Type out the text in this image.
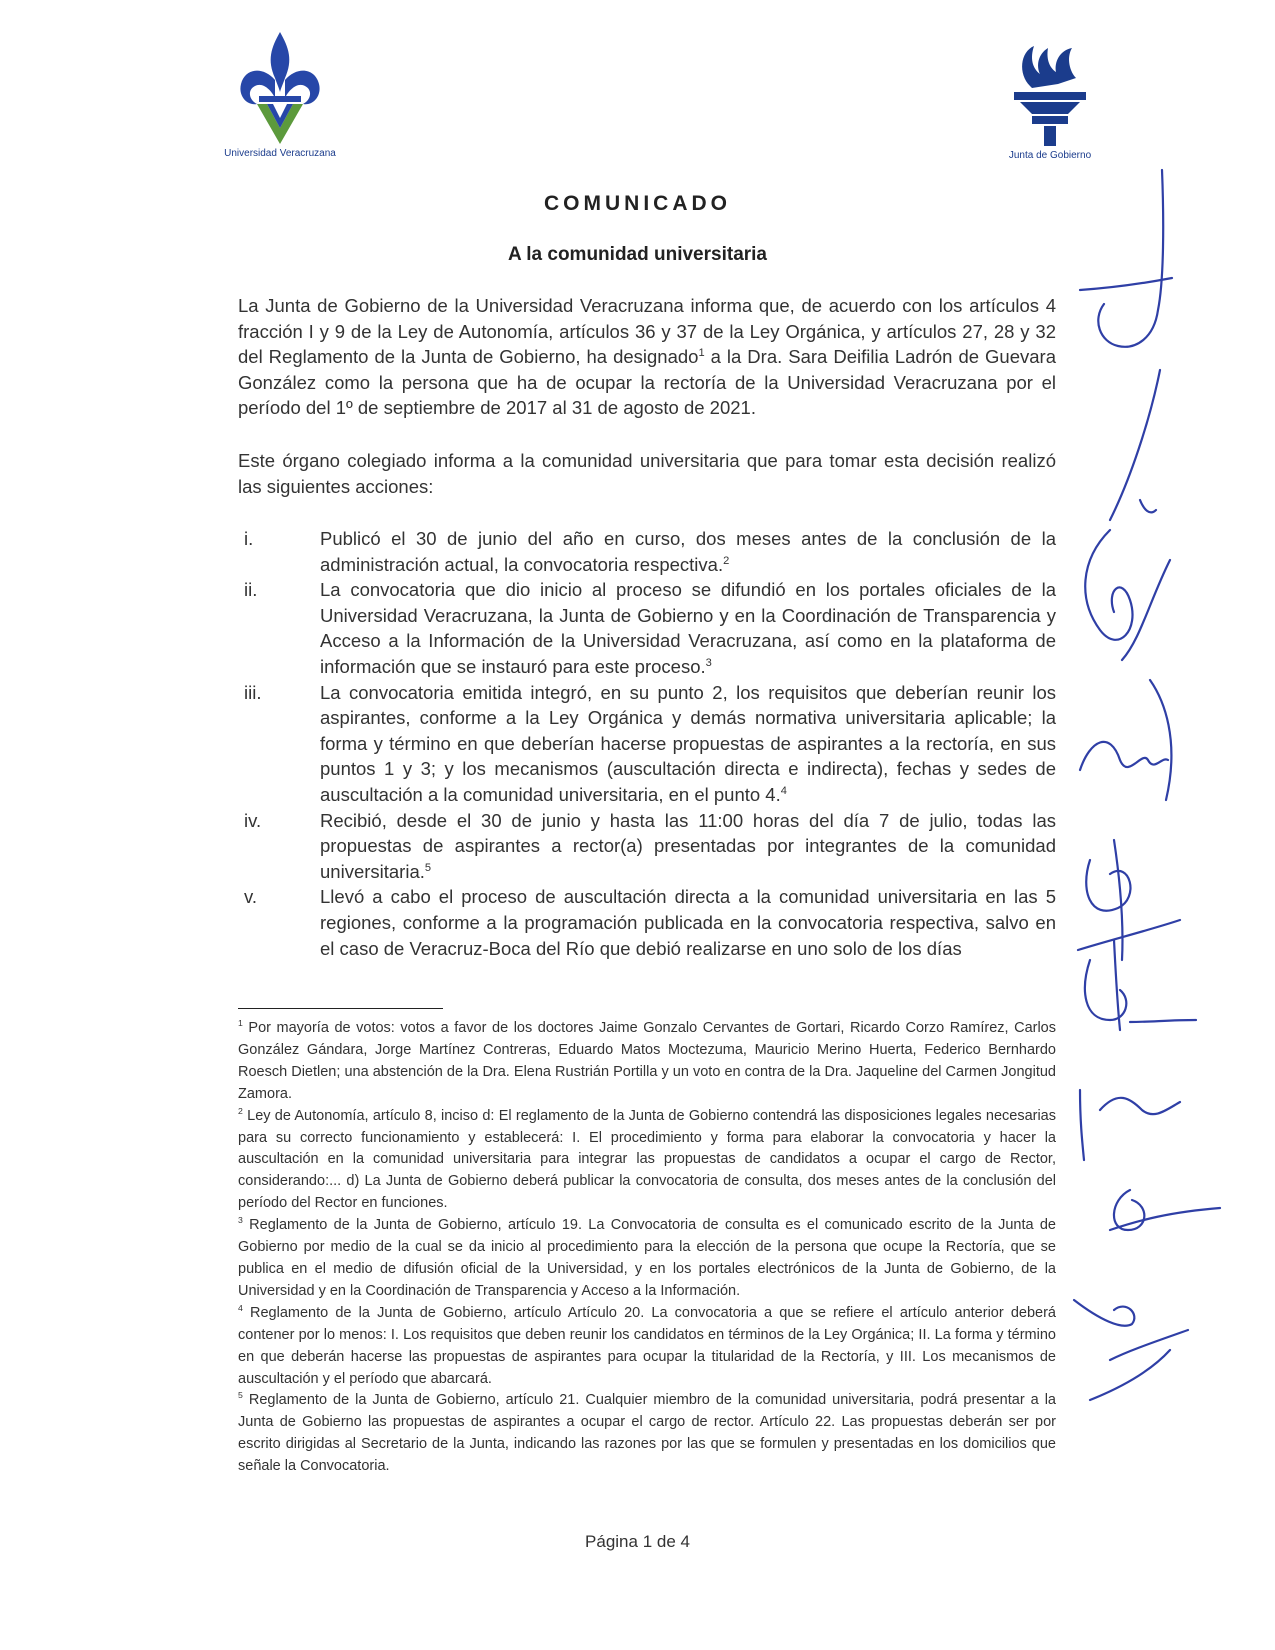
Universidad Veracruzana	Junta de Gobierno
COMUNICADO
A la comunidad universitaria
La Junta de Gobierno de la Universidad Veracruzana informa que, de acuerdo con los artículos 4 fracción I y 9 de la Ley de Autonomía, artículos 36 y 37 de la Ley Orgánica, y artículos 27, 28 y 32 del Reglamento de la Junta de Gobierno, ha designado$^1$ a la Dra. Sara Deifilia Ladrón de Guevara González como la persona que ha de ocupar la rectoría de la Universidad Veracruzana por el período del 1º de septiembre de 2017 al 31 de agosto de 2021.
Este órgano colegiado informa a la comunidad universitaria que para tomar esta decisión realizó las siguientes acciones:
i.	Publicó el 30 de junio del año en curso, dos meses antes de la conclusión de la administración actual, la convocatoria respectiva.$^2$
ii.	La convocatoria que dio inicio al proceso se difundió en los portales oficiales de la Universidad Veracruzana, la Junta de Gobierno y en la Coordinación de Transparencia y Acceso a la Información de la Universidad Veracruzana, así como en la plataforma de información que se instauró para este proceso.$^3$
iii.	La convocatoria emitida integró, en su punto 2, los requisitos que deberían reunir los aspirantes, conforme a la Ley Orgánica y demás normativa universitaria aplicable; la forma y término en que deberían hacerse propuestas de aspirantes a la rectoría, en sus puntos 1 y 3; y los mecanismos (auscultación directa e indirecta), fechas y sedes de auscultación a la comunidad universitaria, en el punto 4.$^4$
iv.	Recibió, desde el 30 de junio y hasta las 11:00 horas del día 7 de julio, todas las propuestas de aspirantes a rector(a) presentadas por integrantes de la comunidad universitaria.$^5$
v.	Llevó a cabo el proceso de auscultación directa a la comunidad universitaria en las 5 regiones, conforme a la programación publicada en la convocatoria respectiva, salvo en el caso de Veracruz-Boca del Río que debió realizarse en uno solo de los días
$^1$ Por mayoría de votos: votos a favor de los doctores Jaime Gonzalo Cervantes de Gortari, Ricardo Corzo Ramírez, Carlos González Gándara, Jorge Martínez Contreras, Eduardo Matos Moctezuma, Mauricio Merino Huerta, Federico Bernhardo Roesch Dietlen; una abstención de la Dra. Elena Rustrián Portilla y un voto en contra de la Dra. Jaqueline del Carmen Jongitud Zamora.
$^2$ Ley de Autonomía, artículo 8, inciso d: El reglamento de la Junta de Gobierno contendrá las disposiciones legales necesarias para su correcto funcionamiento y establecerá: I. El procedimiento y forma para elaborar la convocatoria y hacer la auscultación en la comunidad universitaria para integrar las propuestas de candidatos a ocupar el cargo de Rector, considerando:... d) La Junta de Gobierno deberá publicar la convocatoria de consulta, dos meses antes de la conclusión del período del Rector en funciones.
$^3$ Reglamento de la Junta de Gobierno, artículo 19. La Convocatoria de consulta es el comunicado escrito de la Junta de Gobierno por medio de la cual se da inicio al procedimiento para la elección de la persona que ocupe la Rectoría, que se publica en el medio de difusión oficial de la Universidad, y en los portales electrónicos de la Junta de Gobierno, de la Universidad y en la Coordinación de Transparencia y Acceso a la Información.
$^4$ Reglamento de la Junta de Gobierno, artículo Artículo 20. La convocatoria a que se refiere el artículo anterior deberá contener por lo menos: I. Los requisitos que deben reunir los candidatos en términos de la Ley Orgánica; II. La forma y término en que deberán hacerse las propuestas de aspirantes para ocupar la titularidad de la Rectoría, y III. Los mecanismos de auscultación y el período que abarcará.
$^5$ Reglamento de la Junta de Gobierno, artículo 21. Cualquier miembro de la comunidad universitaria, podrá presentar a la Junta de Gobierno las propuestas de aspirantes a ocupar el cargo de rector. Artículo 22. Las propuestas deberán ser por escrito dirigidas al Secretario de la Junta, indicando las razones por las que se formulen y presentadas en los domicilios que señale la Convocatoria.
Página 1 de 4
